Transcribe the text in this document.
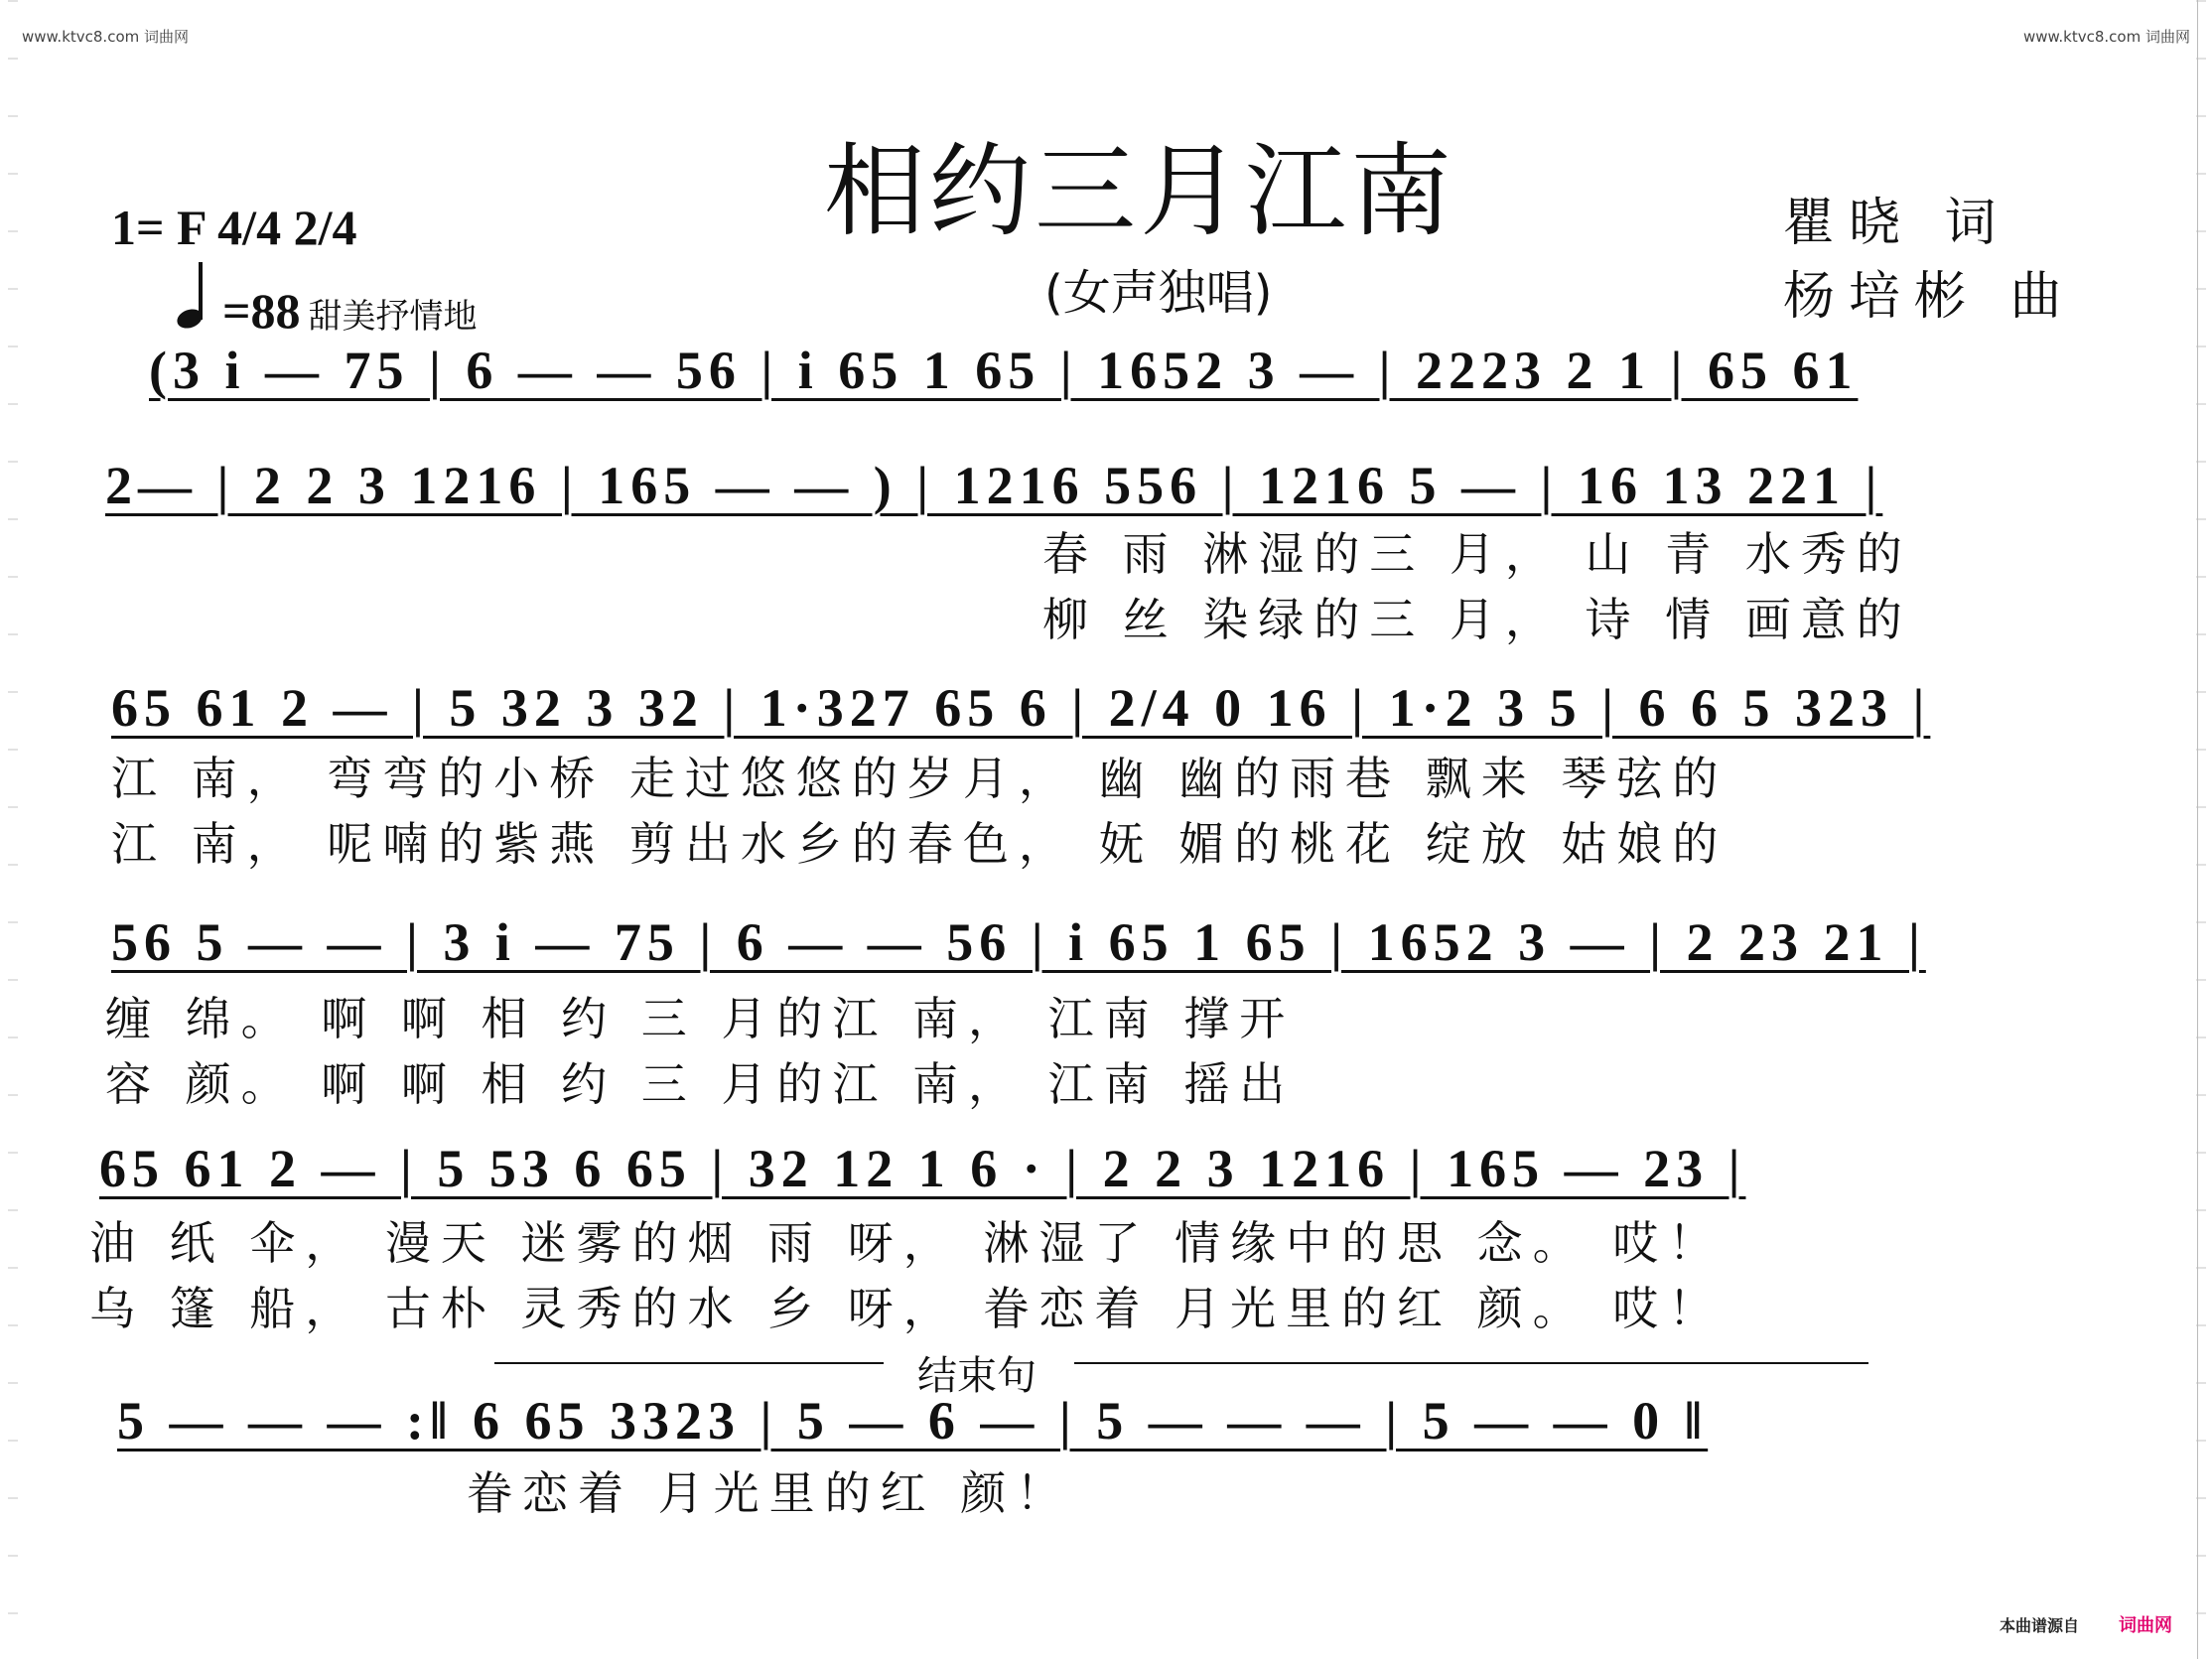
www.ktvc8.com 词曲网	www.ktvc8.com 词曲网
相约三月江南
(女声独唱)
瞿晓 词
杨培彬 曲
1= F 4/4 2/4
=88 甜美抒情地
(3 i — 75 | 6 — — 56 | i 65 1 65 | 1652 3 — | 2223 2 1 | 65 61
2— | 2 2 3 1216 | 165 — — ) | 1216 556 | 1216 5 — | 16 13 221 |
春 雨 淋湿的三 月， 山 青 水秀的
柳 丝 染绿的三 月， 诗 情 画意的
65 61 2 — | 5 32 3 32 | 1·327 65 6 | 2/4 0 16 | 1·2 3 5 | 6 6 5 323 |
江 南， 弯弯的小桥 走过悠悠的岁月， 幽 幽的雨巷 飘来 琴弦的
江 南， 呢喃的紫燕 剪出水乡的春色， 妩 媚的桃花 绽放 姑娘的
56 5 — — | 3 i — 75 | 6 — — 56 | i 65 1 65 | 1652 3 — | 2 23 21 |
缠 绵。 啊 啊 相 约 三 月的江 南， 江南 撑开
容 颜。 啊 啊 相 约 三 月的江 南， 江南 摇出
65 61 2 — | 5 53 6 65 | 32 12 1 6 · | 2 2 3 1216 | 165 — 23 |
油 纸 伞， 漫天 迷雾的烟 雨 呀， 淋湿了 情缘中的思 念。 哎！
乌 篷 船， 古朴 灵秀的水 乡 呀， 眷恋着 月光里的红 颜。 哎！
结束句
5 — — — :‖ 6 65 3323 | 5 — 6 — | 5 — — — | 5 — — 0 ‖
眷恋着 月光里的红 颜！
本曲谱源自 词曲网
